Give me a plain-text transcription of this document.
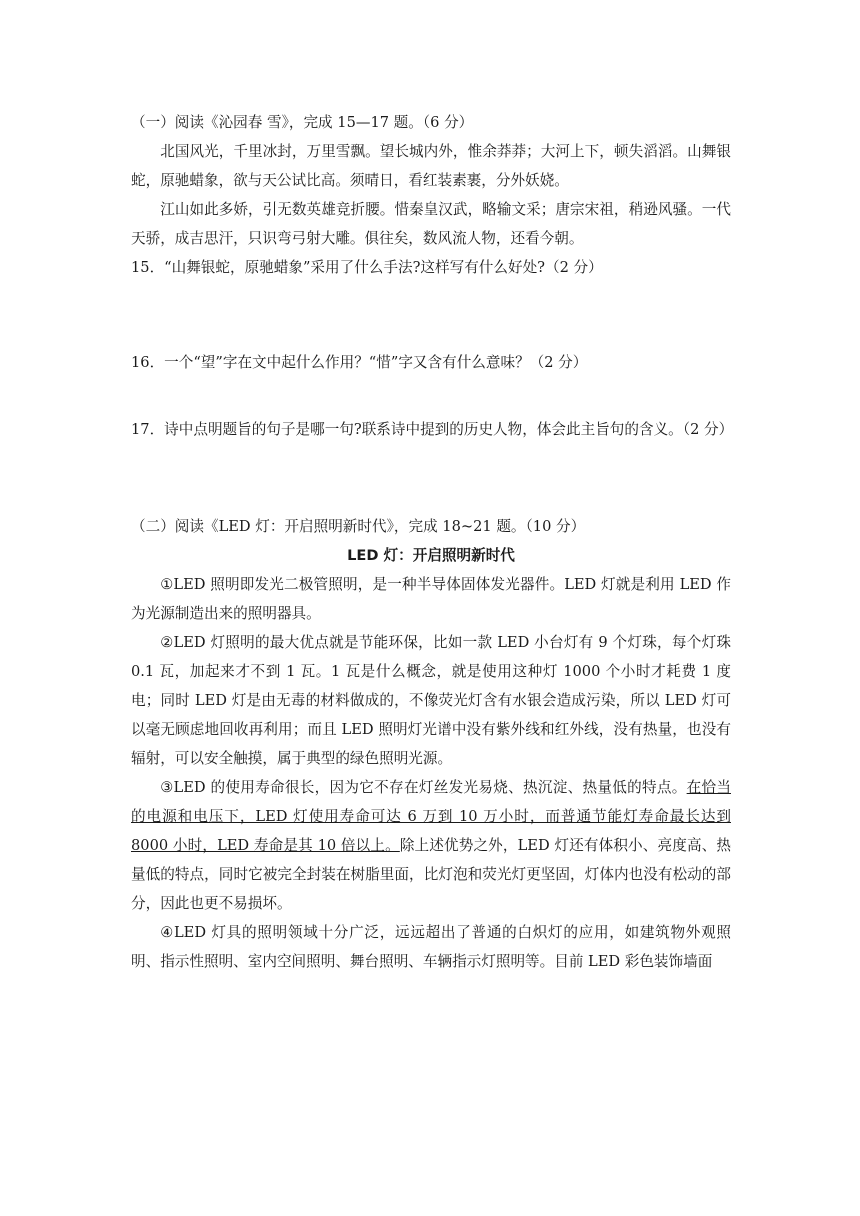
（一）阅读《沁园春 雪》，完成 15—17 题。（6 分）

北国风光，千里冰封，万里雪飘。望长城内外，惟余莽莽；大河上下，顿失滔滔。山舞银蛇，原驰蜡象，欲与天公试比高。须晴日，看红装素裹，分外妖娆。

江山如此多娇，引无数英雄竞折腰。惜秦皇汉武，略输文采；唐宗宋祖，稍逊风骚。一代天骄，成吉思汗，只识弯弓射大雕。俱往矣，数风流人物，还看今朝。

15．“山舞银蛇，原驰蜡象”采用了什么手法?这样写有什么好处?（2 分）

16．一个“望”字在文中起什么作用？“惜”字又含有什么意味？（2 分）

17．诗中点明题旨的句子是哪一句?联系诗中提到的历史人物，体会此主旨句的含义。（2 分）

（二）阅读《LED 灯：开启照明新时代》，完成 18~21 题。（10 分）

LED 灯：开启照明新时代

①LED 照明即发光二极管照明，是一种半导体固体发光器件。LED 灯就是利用 LED 作为光源制造出来的照明器具。

②LED 灯照明的最大优点就是节能环保，比如一款 LED 小台灯有 9 个灯珠，每个灯珠 0.1 瓦，加起来才不到 1 瓦。1 瓦是什么概念，就是使用这种灯 1000 个小时才耗费 1 度电；同时 LED 灯是由无毒的材料做成的，不像荧光灯含有水银会造成污染，所以 LED 灯可以毫无顾虑地回收再利用；而且 LED 照明灯光谱中没有紫外线和红外线，没有热量，也没有辐射，可以安全触摸，属于典型的绿色照明光源。

③LED 的使用寿命很长，因为它不存在灯丝发光易烧、热沉淀、热量低的特点。在恰当的电源和电压下，LED 灯使用寿命可达 6 万到 10 万小时，而普通节能灯寿命最长达到 8000 小时，LED 寿命是其 10 倍以上。除上述优势之外，LED 灯还有体积小、亮度高、热量低的特点，同时它被完全封装在树脂里面，比灯泡和荧光灯更坚固，灯体内也没有松动的部分，因此也更不易损坏。

④LED 灯具的照明领域十分广泛，远远超出了普通的白炽灯的应用，如建筑物外观照明、指示性照明、室内空间照明、舞台照明、车辆指示灯照明等。目前 LED 彩色装饰墙面
